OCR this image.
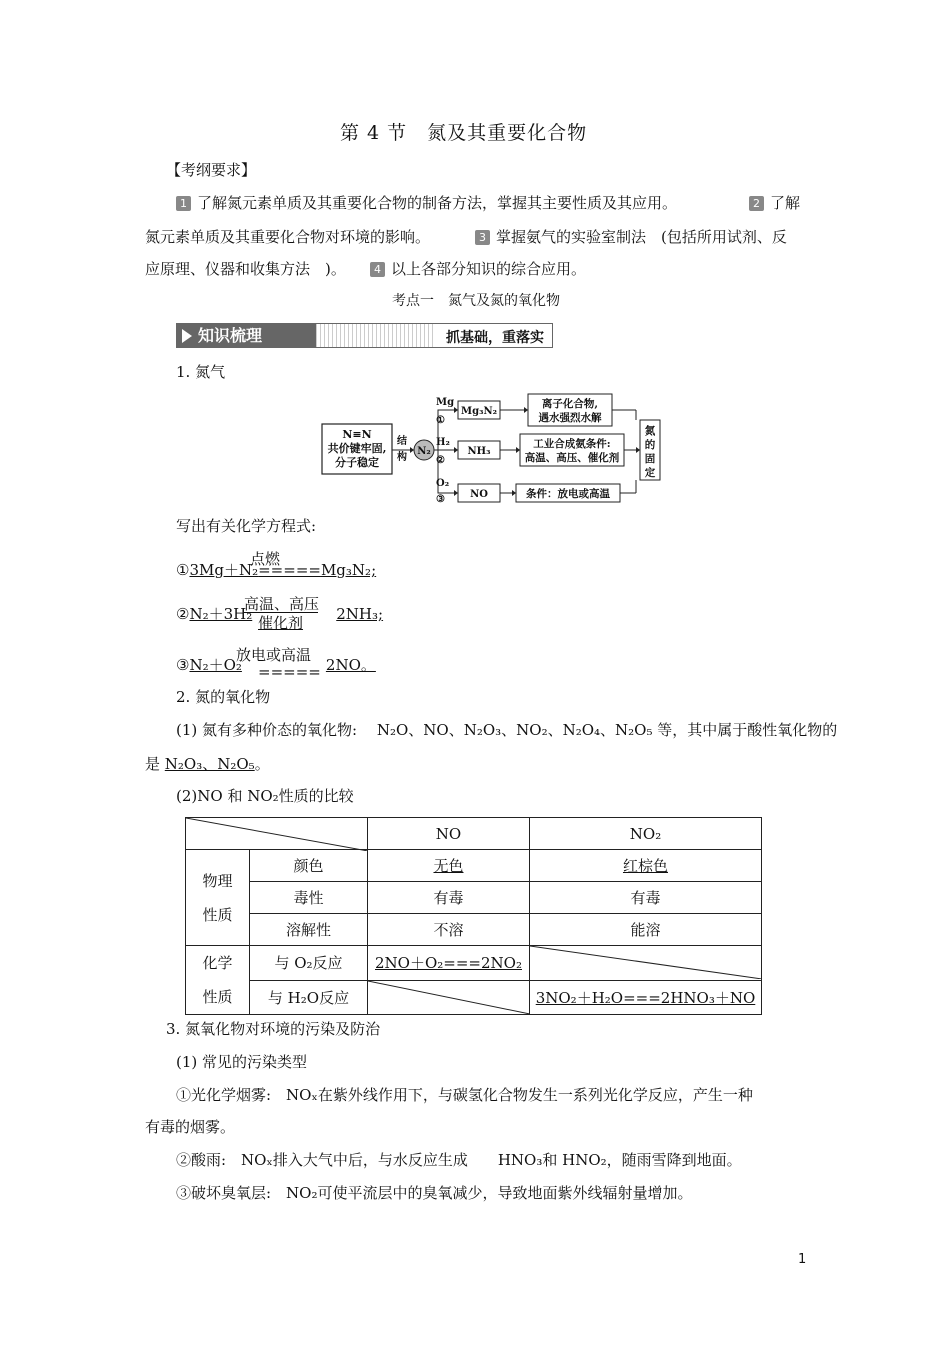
第 4 节　氮及其重要化合物
【考纲要求】
1 了解氮元素单质及其重要化合物的制备方法，掌握其主要性质及其应用。	2 了解
氮元素单质及其重要化合物对环境的影响。	3 掌握氨气的实验室制法　(包括所用试剂、反
应原理、仪器和收集方法　)。	4 以上各部分知识的综合应用。
考点一　氮气及氮的氧化物
知识梳理	抓基础，重落实
1. 氮气
N≡N
共价键牢固,
分子稳定
结
构
N₂
Mg
①
Mg₃N₂
离子化合物,
遇水强烈水解
H₂
②
NH₃
工业合成氨条件:
高温、高压、催化剂
O₂
③	NO	条件：放电或高温
氮
的
固
定
写出有关化学方程式:
①3Mg＋N₂=====Mg₃N₂;
点燃
②N₂＋3H₂	2NH₃;
高温、高压
催化剂
③N₂＋O₂	2NO。
放电或高温
=====
2. 氮的氧化物
(1) 氮有多种价态的氧化物:　 N₂O、NO、N₂O₃、NO₂、N₂O₄、N₂O₅ 等，其中属于酸性氧化物的
是 N₂O₃、N₂O₅。
(2)NO 和 NO₂性质的比较
	NO	NO₂

物理
性质	颜色	无色	红棕色
	毒性	有毒	有毒
	溶解性	不溶	能溶

化学
性质	与 O₂反应	2NO＋O₂===2NO₂	

	与 H₂O反应		3NO₂＋H₂O===2HNO₃＋NO
3. 氮氧化物对环境的污染及防治
(1) 常见的污染类型
①光化学烟雾:　NOₓ在紫外线作用下，与碳氢化合物发生一系列光化学反应，产生一种
有毒的烟雾。
②酸雨:　NOₓ排入大气中后，与水反应生成　　HNO₃和 HNO₂，随雨雪降到地面。
③破坏臭氧层:　NO₂可使平流层中的臭氧减少，导致地面紫外线辐射量增加。
1
